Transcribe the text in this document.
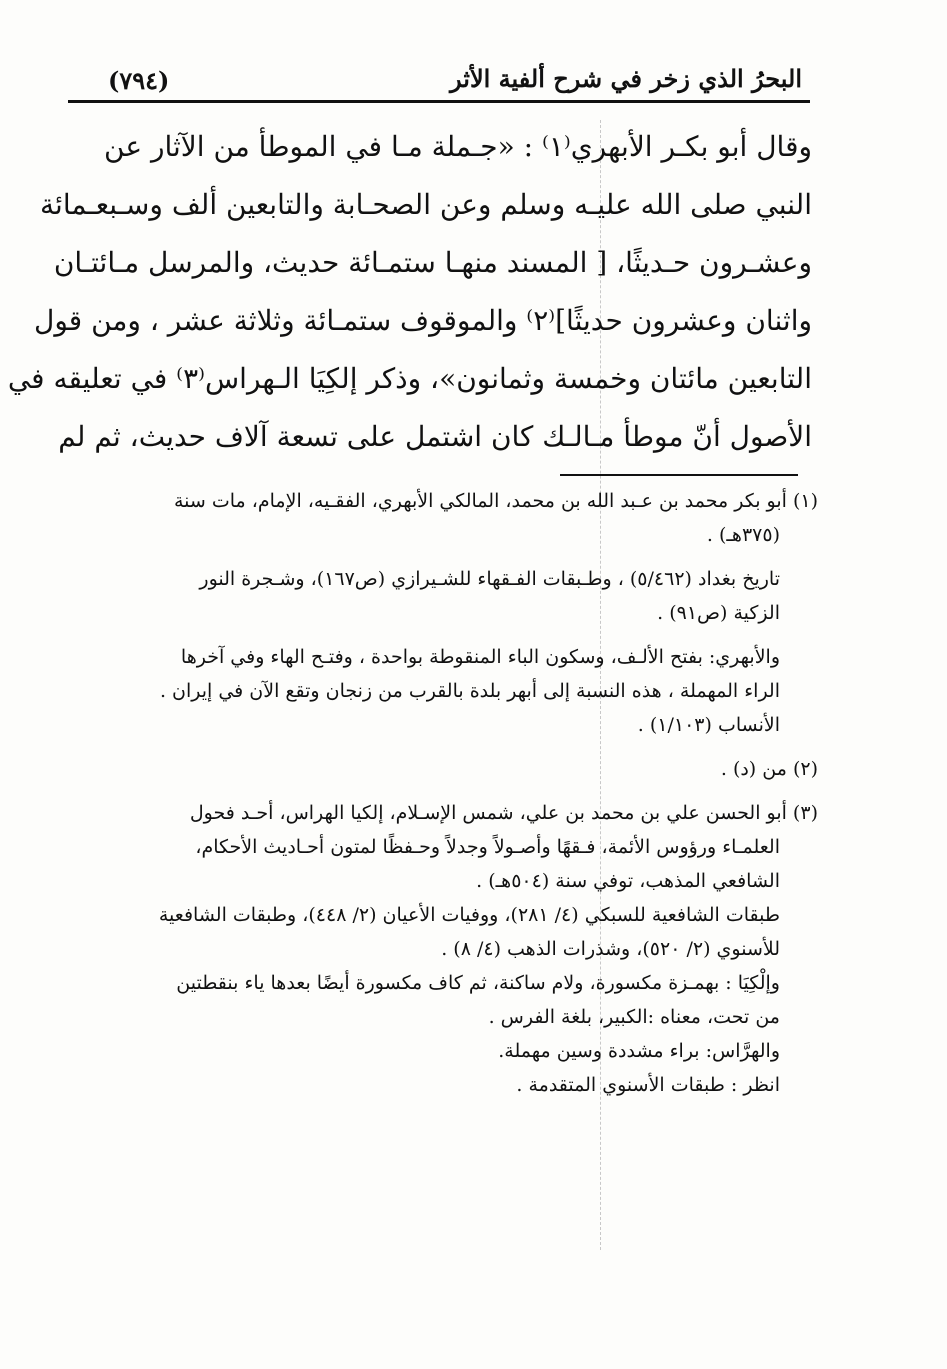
(٧٩٤)	البحرُ الذي زخر في شرح ألفية الأثر
وقال أبو بكـر الأبهري⁽١⁾ : «جـملة مـا في الموطأ من الآثار عن
النبي صلى الله عليـه وسلم وعن الصحـابة والتابعين ألف وسـبعـمائة
وعشـرون حـديثًا، [ المسند منهـا ستمـائة حديث، والمرسل مـائتـان
واثنان وعشرون حديثًا]⁽٢⁾ والموقوف ستمـائة وثلاثة عشر ، ومن قول
التابعين مائتان وخمسة وثمانون»، وذكر إلكِيَا الـهراس⁽٣⁾ في تعليقه في
الأصول أنّ موطأ مـالـك كان اشتمل على تسعة آلاف حديث، ثم لم
(١) أبو بكر محمد بن عـبد الله بن محمد، المالكي الأبهري، الفقـيه، الإمام، مات سنة
(٣٧٥هـ) .
تاريخ بغداد (٥/٤٦٢) ، وطـبقات الفـقهاء للشـيرازي (ص١٦٧)، وشـجرة النور
الزكية (ص٩١) .
والأبهري: بفتح الألـف، وسكون الباء المنقوطة بواحدة ، وفتـح الهاء وفي آخرها
الراء المهملة ، هذه النسبة إلى أبهر بلدة بالقرب من زنجان وتقع الآن في إيران .
الأنساب (١/١٠٣) .
(٢) من (د) .
(٣) أبو الحسن علي بن محمد بن علي، شمس الإسـلام، إلكيا الهراس، أحـد فحول
العلمـاء ورؤوس الأئمة، فـقهًا وأصـولاً وجدلاً وحـفظًا لمتون أحـاديث الأحكام،
الشافعي المذهب، توفي سنة (٥٠٤هـ) .
طبقات الشافعية للسبكي (٤/ ٢٨١)، ووفيات الأعيان (٢/ ٤٤٨)، وطبقات الشافعية
للأسنوي (٢/ ٥٢٠)، وشذرات الذهب (٤/ ٨) .
وإلْكِيَا : بهمـزة مكسورة، ولام ساكنة، ثم كاف مكسورة أيضًا بعدها ياء بنقطتين
من تحت، معناه :الكبير، بلغة الفرس .
والهرَّاس: براء مشددة وسين مهملة.
انظر : طبقات الأسنوي المتقدمة .
